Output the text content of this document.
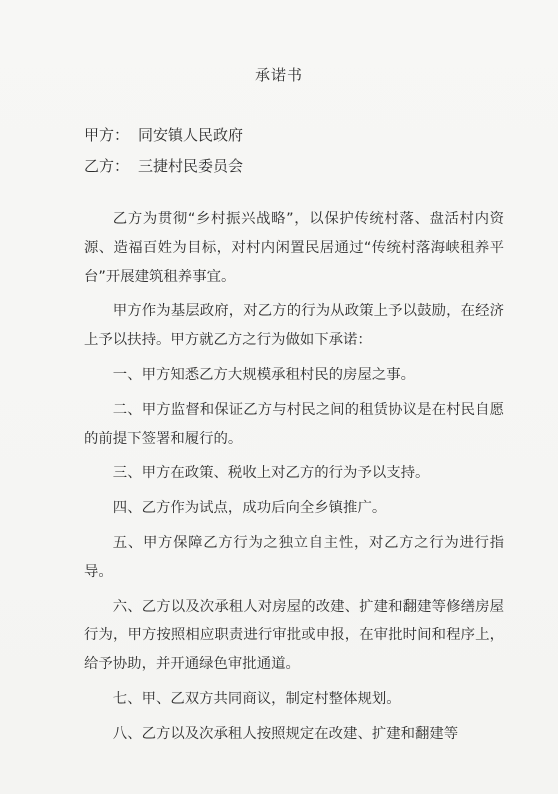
承诺书
甲方： 同安镇人民政府
乙方： 三捷村民委员会

乙方为贯彻“乡村振兴战略”，以保护传统村落、盘活村内资源、造福百姓为目标，对村内闲置民居通过“传统村落海峡租养平台”开展建筑租养事宜。

甲方作为基层政府，对乙方的行为从政策上予以鼓励，在经济上予以扶持。甲方就乙方之行为做如下承诺：

一、甲方知悉乙方大规模承租村民的房屋之事。

二、甲方监督和保证乙方与村民之间的租赁协议是在村民自愿的前提下签署和履行的。

三、甲方在政策、税收上对乙方的行为予以支持。

四、乙方作为试点，成功后向全乡镇推广。

五、甲方保障乙方行为之独立自主性，对乙方之行为进行指导。

六、乙方以及次承租人对房屋的改建、扩建和翻建等修缮房屋行为，甲方按照相应职责进行审批或申报，在审批时间和程序上，给予协助，并开通绿色审批通道。

七、甲、乙双方共同商议，制定村整体规划。

八、乙方以及次承租人按照规定在改建、扩建和翻建等
